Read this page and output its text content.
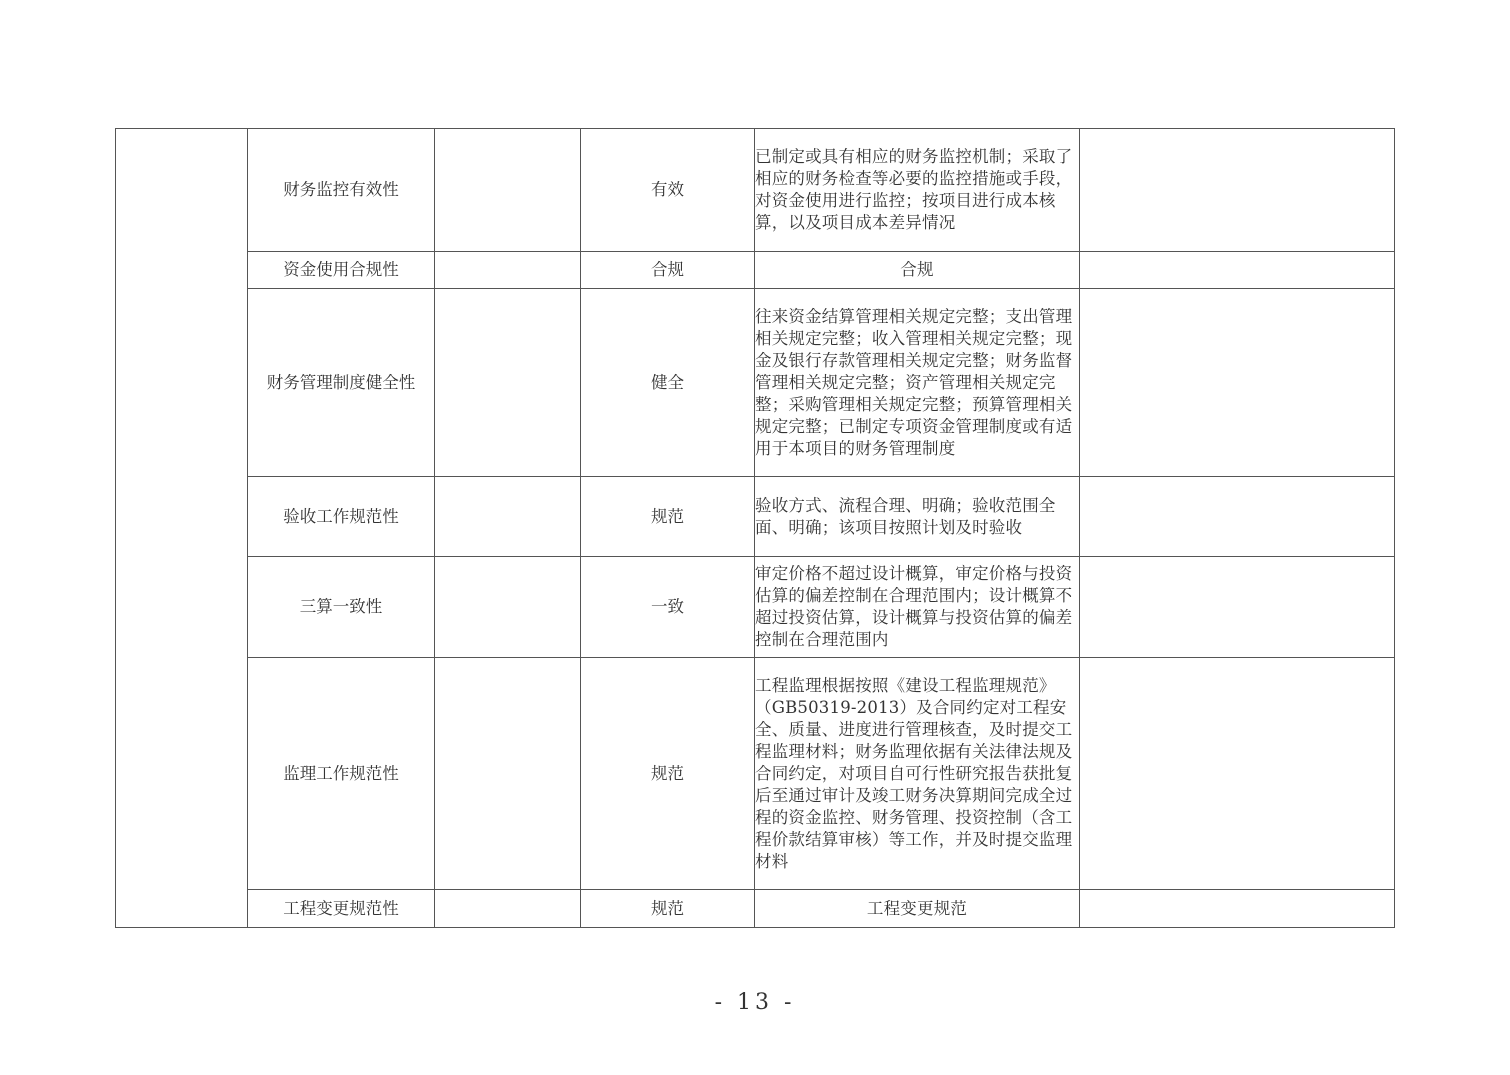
	财务监控有效性		有效	已制定或具有相应的财务监控机制；采取了相应的财务检查等必要的监控措施或手段，对资金使用进行监控；按项目进行成本核算，以及项目成本差异情况	
	资金使用合规性		合规	合规	
	财务管理制度健全性		健全	往来资金结算管理相关规定完整；支出管理相关规定完整；收入管理相关规定完整；现金及银行存款管理相关规定完整；财务监督管理相关规定完整；资产管理相关规定完整；采购管理相关规定完整；预算管理相关规定完整；已制定专项资金管理制度或有适用于本项目的财务管理制度	
	验收工作规范性		规范	验收方式、流程合理、明确；验收范围全面、明确；该项目按照计划及时验收	
	三算一致性		一致	审定价格不超过设计概算，审定价格与投资估算的偏差控制在合理范围内；设计概算不超过投资估算，设计概算与投资估算的偏差控制在合理范围内	
	监理工作规范性		规范	工程监理根据按照《建设工程监理规范》（GB50319-2013）及合同约定对工程安全、质量、进度进行管理核查，及时提交工程监理材料；财务监理依据有关法律法规及合同约定，对项目自可行性研究报告获批复后至通过审计及竣工财务决算期间完成全过程的资金监控、财务管理、投资控制（含工程价款结算审核）等工作，并及时提交监理材料	
	工程变更规范性		规范	工程变更规范	
- 13 -
